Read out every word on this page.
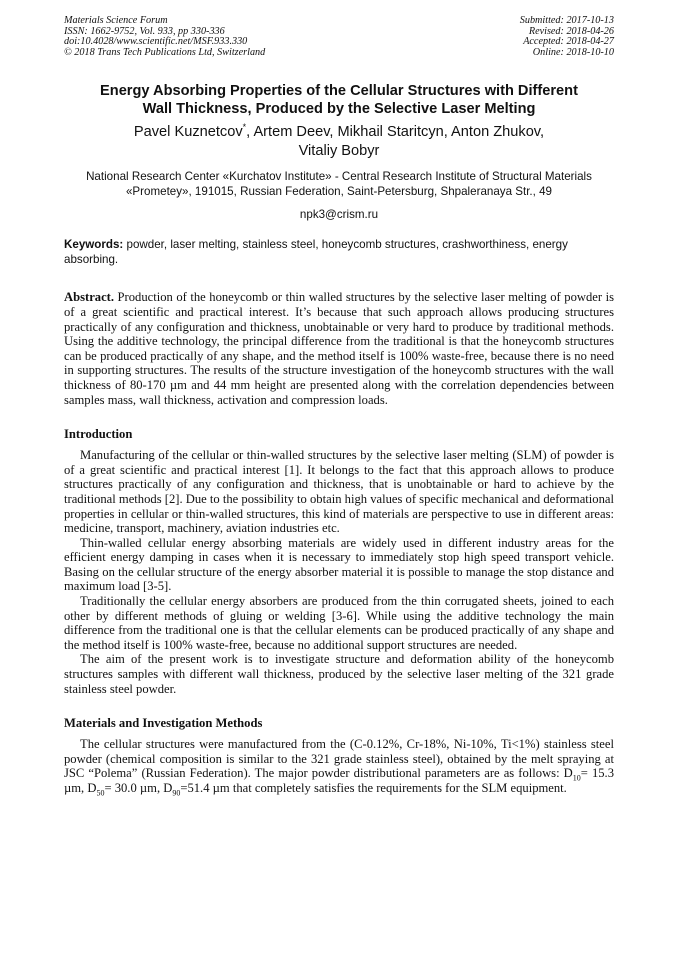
Materials Science Forum
ISSN: 1662-9752, Vol. 933, pp 330-336
doi:10.4028/www.scientific.net/MSF.933.330
© 2018 Trans Tech Publications Ltd, Switzerland
Submitted: 2017-10-13
Revised: 2018-04-26
Accepted: 2018-04-27
Online: 2018-10-10
Energy Absorbing Properties of the Cellular Structures with Different
Wall Thickness, Produced by the Selective Laser Melting
Pavel Kuznetcov*, Artem Deev, Mikhail Staritcyn, Anton Zhukov,
Vitaliy Bobyr
National Research Center «Kurchatov Institute» - Central Research Institute of Structural Materials
«Prometey», 191015, Russian Federation, Saint-Petersburg, Shpaleranaya Str., 49
npk3@crism.ru
Keywords: powder, laser melting, stainless steel, honeycomb structures, crashworthiness, energy absorbing.
Abstract. Production of the honeycomb or thin walled structures by the selective laser melting of powder is of a great scientific and practical interest. It’s because that such approach allows producing structures practically of any configuration and thickness, unobtainable or very hard to produce by traditional methods. Using the additive technology, the principal difference from the traditional is that the honeycomb structures can be produced practically of any shape, and the method itself is 100% waste-free, because there is no need in supporting structures. The results of the structure investigation of the honeycomb structures with the wall thickness of 80-170 µm and 44 mm height are presented along with the correlation dependencies between samples mass, wall thickness, activation and compression loads.
Introduction

Manufacturing of the cellular or thin-walled structures by the selective laser melting (SLM) of powder is of a great scientific and practical interest [1]. It belongs to the fact that this approach allows to produce structures practically of any configuration and thickness, that is unobtainable or hard to achieve by the traditional methods [2]. Due to the possibility to obtain high values of specific mechanical and deformational properties in cellular or thin-walled structures, this kind of materials are perspective to use in different areas: medicine, transport, machinery, aviation industries etc.

Thin-walled cellular energy absorbing materials are widely used in different industry areas for the efficient energy damping in cases when it is necessary to immediately stop high speed transport vehicle. Basing on the cellular structure of the energy absorber material it is possible to manage the stop distance and maximum load [3-5].

Traditionally the cellular energy absorbers are produced from the thin corrugated sheets, joined to each other by different methods of gluing or welding [3-6]. While using the additive technology the main difference from the traditional one is that the cellular elements can be produced practically of any shape and the method itself is 100% waste-free, because no additional support structures are needed.

The aim of the present work is to investigate structure and deformation ability of the honeycomb structures samples with different wall thickness, produced by the selective laser melting of the 321 grade stainless steel powder.

Materials and Investigation Methods

The cellular structures were manufactured from the (C-0.12%, Cr-18%, Ni-10%, Ti<1%) stainless steel powder (chemical composition is similar to the 321 grade stainless steel), obtained by the melt spraying at JSC “Polema” (Russian Federation). The major powder distributional parameters are as follows: $D_{10}= 15.3$ µm, $D_{50}= 30.0$ µm, $D_{90}=51.4$ µm that completely satisfies the requirements for the SLM equipment.
